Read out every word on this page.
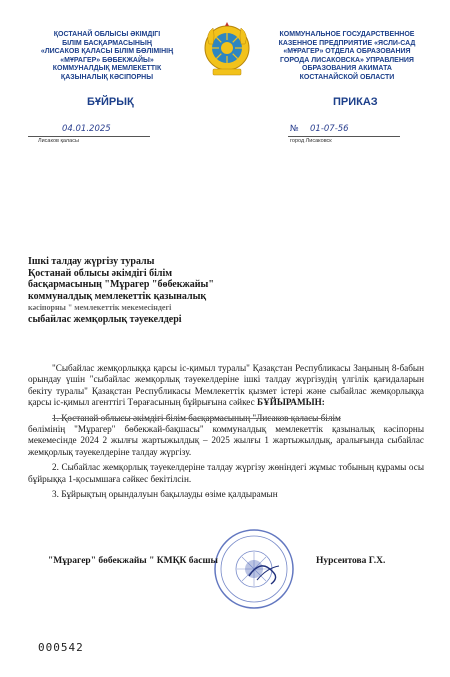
ҚОСТАНАЙ ОБЛЫСЫ ӘКІМДІГІ
БІЛІМ БАСҚАРМАСЫНЫҢ
«ЛИСАКОВ ҚАЛАСЫ БІЛІМ БӨЛІМІНІҢ
«МҰРАГЕР» БӨБЕКЖАЙЫ»
КОММУНАЛДЫҚ МЕМЛЕКЕТТІК
ҚАЗЫНАЛЫҚ КӘСІПОРНЫ
КОММУНАЛЬНОЕ ГОСУДАРСТВЕННОЕ
КАЗЕННОЕ ПРЕДПРИЯТИЕ «ЯСЛИ-САД
«МҰРАГЕР» ОТДЕЛА ОБРАЗОВАНИЯ
ГОРОДА ЛИСАКОВСКА» УПРАВЛЕНИЯ
ОБРАЗОВАНИЯ АКИМАТА
КОСТАНАЙСКОЙ ОБЛАСТИ
БҰЙРЫҚ	ПРИКАЗ
04.01.2025
Лисаков қаласы
№ 01-07-56
город Лисаковск
Ішкі талдау жүргізу туралы
Қостанай облысы әкімдігі білім
басқармасының "Мұрагер "бөбекжайы"
коммуналдық мемлекеттік қазыналық
кәсіпорны " мемлекеттік мекемесіндегі
сыбайлас жемқорлық тәуекелдері

"Сыбайлас жемқорлыққа қарсы іс-қимыл туралы" Қазақстан Республикасы Заңының 8-бабын орындау үшін "сыбайлас жемқорлық тәуекелдеріне ішкі талдау жүргізудің үлгілік қағидаларын бекіту туралы" Қазақстан Республикасы Мемлекеттік қызмет істері және сыбайлас жемқорлыққа қарсы іс-қимыл агенттігі Төрағасының бұйрығына сәйкес БҰЙЫРАМЫН:

1. Қостанай облысы әкімдігі білім басқармасының "Лисаков қаласы білім

бөлімінің "Мұрагер" бөбекжай-бақшасы" коммуналдық мемлекеттік қазыналық кәсіпорны мекемесінде 2024 2 жылғы жартыжылдық – 2025 жылғы 1 жартыжылдық, аралығында сыбайлас жемқорлық тәуекелдеріне талдау жүргізу.

2. Сыбайлас жемқорлық тәуекелдеріне талдау жүргізу жөніндегі жұмыс тобының құрамы осы бұйрыққа 1-қосымшаға сәйкес бекітілсін.

3. Бұйрықтың орындалуын бақылауды өзіме қалдырамын

"Мұрагер" бөбекжайы " КМҚК басшы	Нурсеитова Г.Х.
000542
